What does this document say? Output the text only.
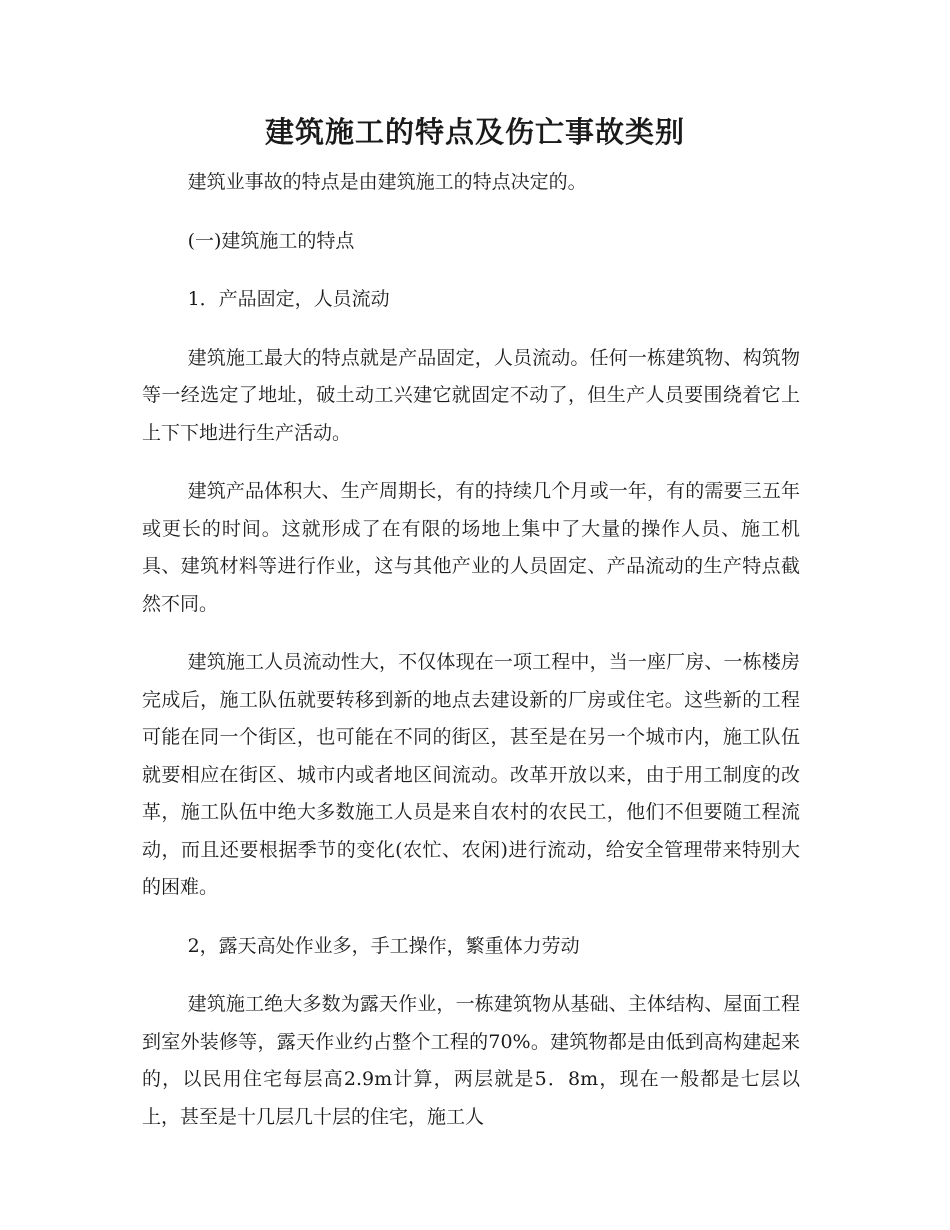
建筑施工的特点及伤亡事故类别

建筑业事故的特点是由建筑施工的特点决定的。

(一)建筑施工的特点

1．产品固定，人员流动

建筑施工最大的特点就是产品固定，人员流动。任何一栋建筑物、构筑物等一经选定了地址，破土动工兴建它就固定不动了，但生产人员要围绕着它上上下下地进行生产活动。

建筑产品体积大、生产周期长，有的持续几个月或一年，有的需要三五年或更长的时间。这就形成了在有限的场地上集中了大量的操作人员、施工机具、建筑材料等进行作业，这与其他产业的人员固定、产品流动的生产特点截然不同。

建筑施工人员流动性大，不仅体现在一项工程中，当一座厂房、一栋楼房完成后，施工队伍就要转移到新的地点去建设新的厂房或住宅。这些新的工程可能在同一个街区，也可能在不同的街区，甚至是在另一个城市内，施工队伍就要相应在街区、城市内或者地区间流动。改革开放以来，由于用工制度的改革，施工队伍中绝大多数施工人员是来自农村的农民工，他们不但要随工程流动，而且还要根据季节的变化(农忙、农闲)进行流动，给安全管理带来特别大的困难。

2，露天高处作业多，手工操作，繁重体力劳动

建筑施工绝大多数为露天作业，一栋建筑物从基础、主体结构、屋面工程到室外装修等，露天作业约占整个工程的70%。建筑物都是由低到高构建起来的，以民用住宅每层高2.9m计算，两层就是5．8m，现在一般都是七层以上，甚至是十几层几十层的住宅，施工人
